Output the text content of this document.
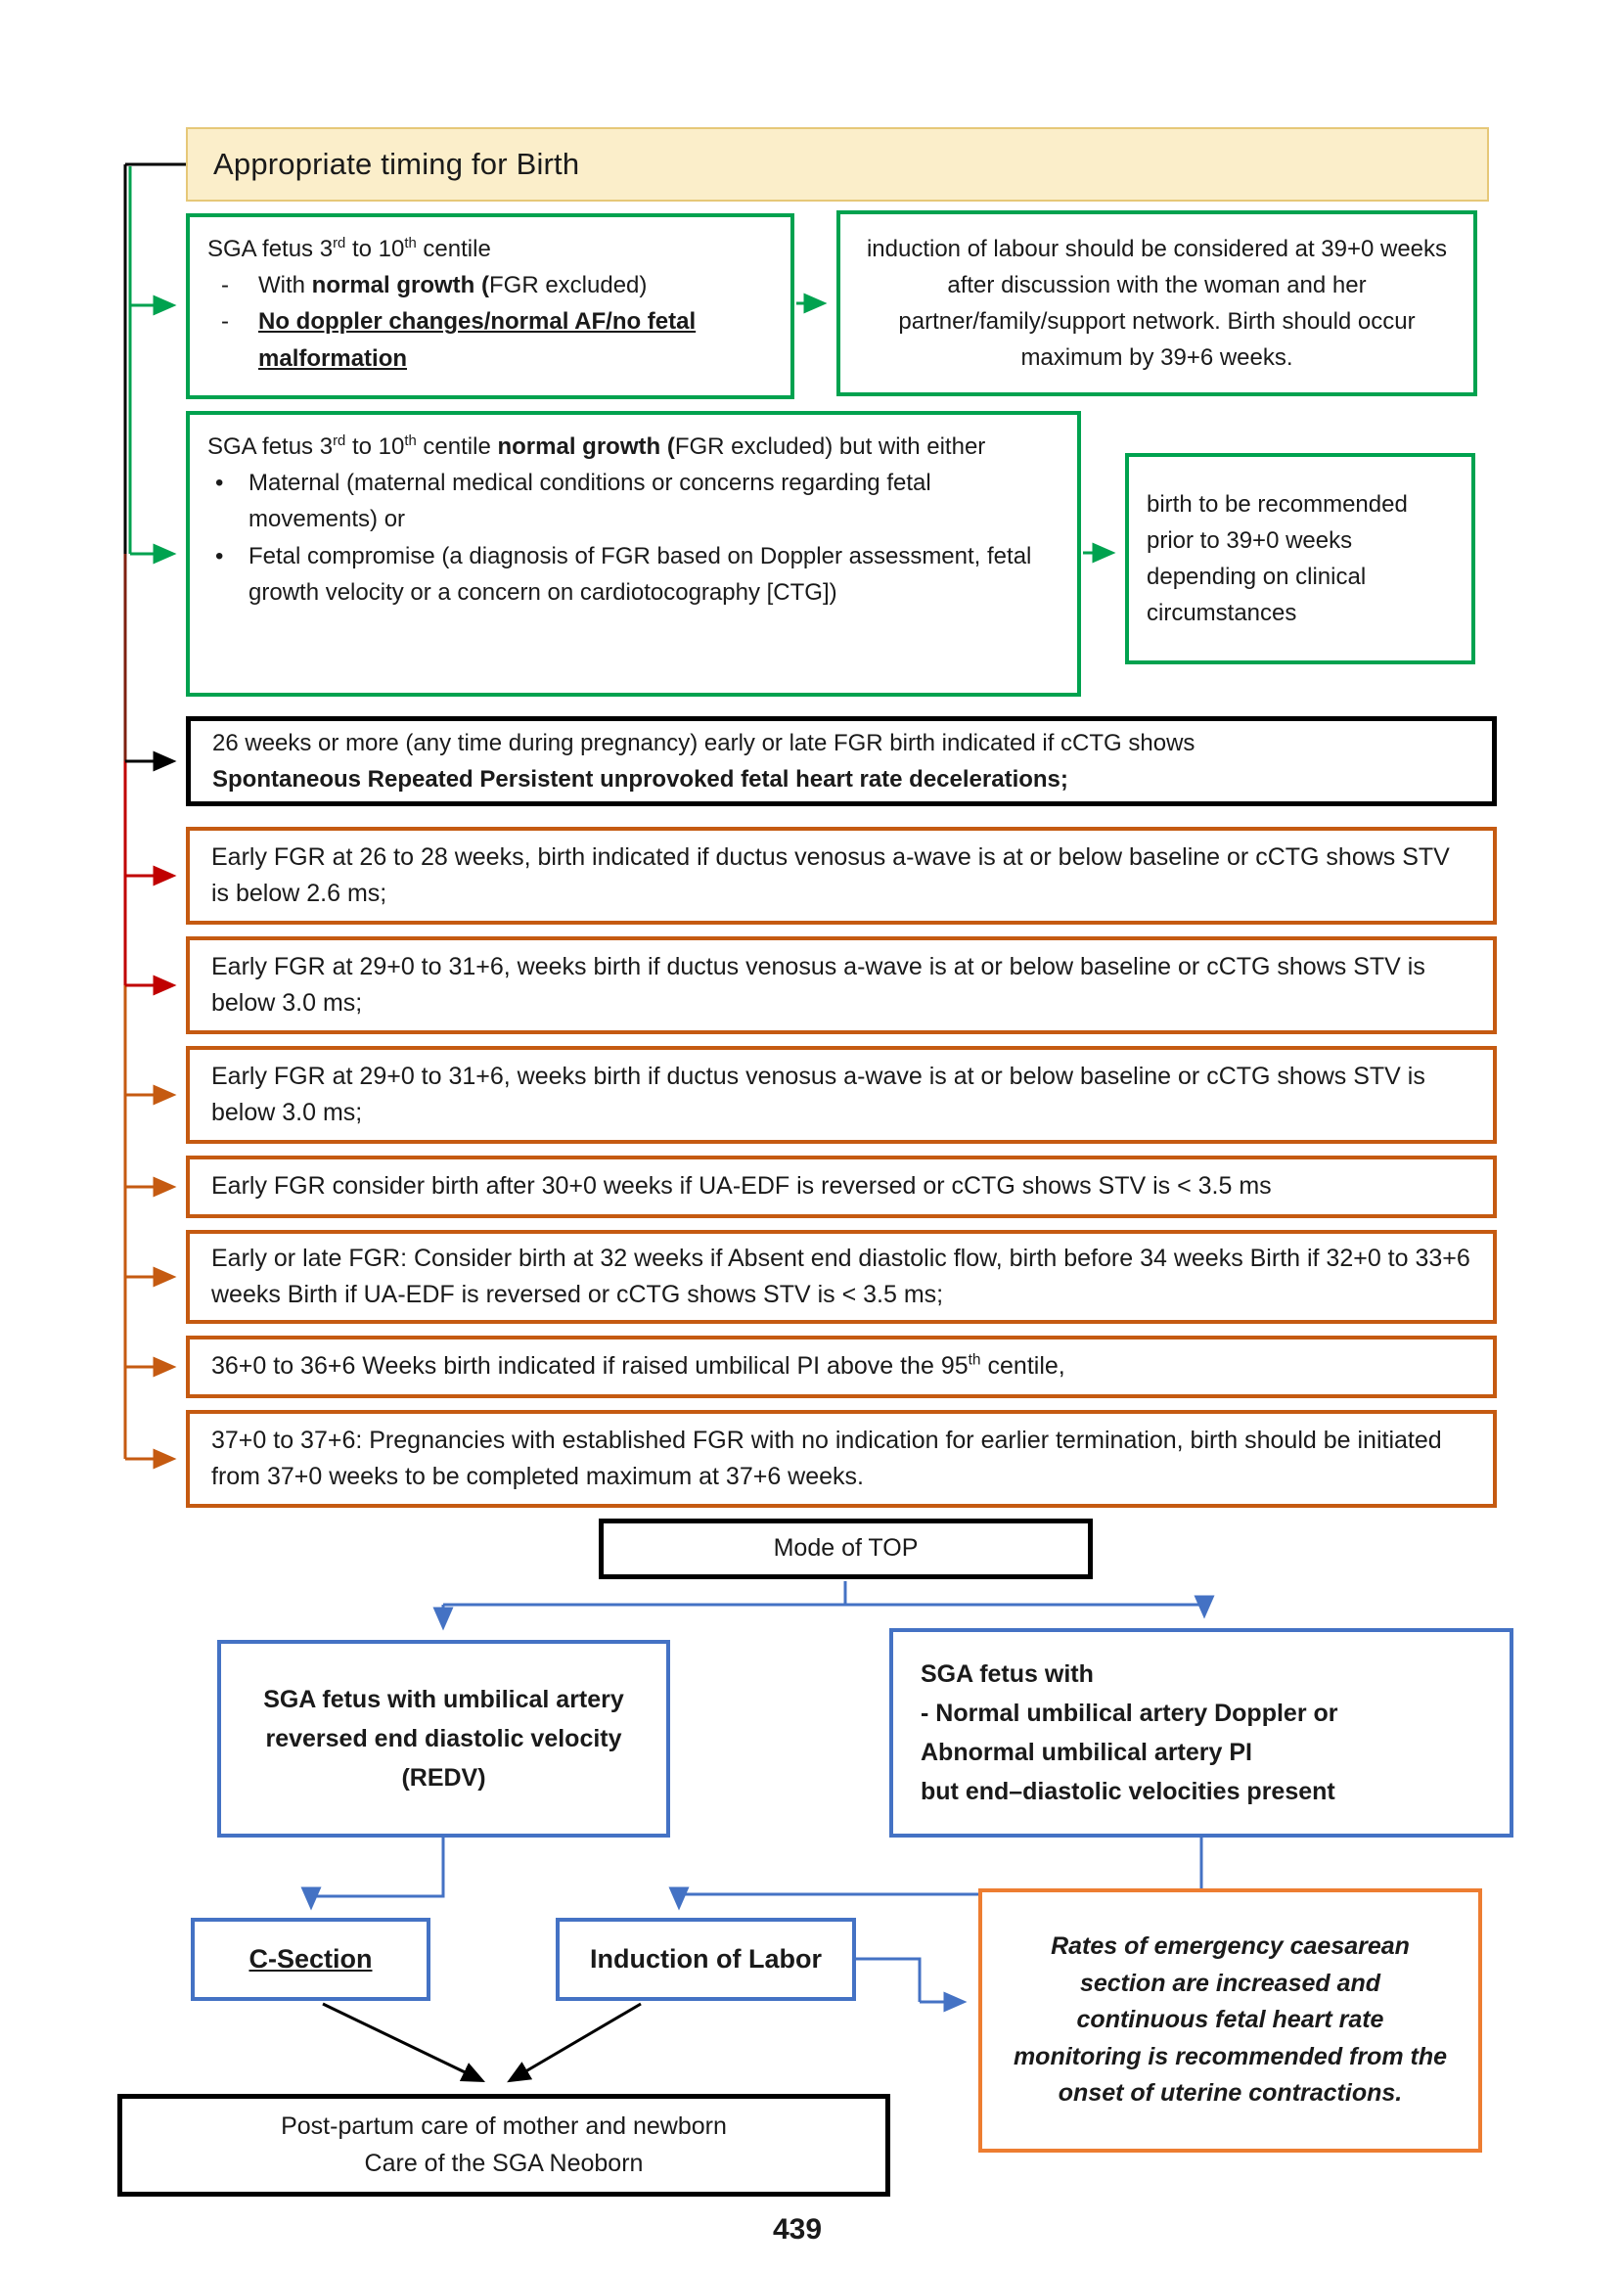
Appropriate timing for Birth
SGA fetus 3rd to 10th centile
-	With normal growth (FGR excluded)
-	No doppler changes/normal AF/no fetal malformation
induction of labour should be considered at 39+0 weeks after discussion with the woman and her partner/family/support network. Birth should occur maximum by 39+6 weeks.
SGA fetus 3rd to 10th centile normal growth (FGR excluded) but with either
•	Maternal (maternal medical conditions or concerns regarding fetal movements) or
•	Fetal compromise (a diagnosis of FGR based on Doppler assessment, fetal growth velocity or a concern on cardiotocography [CTG])
birth to be recommended prior to 39+0 weeks depending on clinical circumstances
26 weeks or more (any time during pregnancy) early or late FGR birth indicated if cCTG shows
Spontaneous Repeated Persistent unprovoked fetal heart rate decelerations;
Early FGR at 26 to 28 weeks, birth indicated if ductus venosus a-wave is at or below baseline or cCTG shows STV is below 2.6 ms;
Early FGR at 29+0 to 31+6, weeks birth if ductus venosus a-wave is at or below baseline or cCTG shows STV is below 3.0 ms;
Early FGR at 29+0 to 31+6, weeks birth if ductus venosus a-wave is at or below baseline or cCTG shows STV is below 3.0 ms;
Early FGR consider birth after 30+0 weeks if UA-EDF is reversed or cCTG shows STV is < 3.5 ms
Early or late FGR: Consider birth at 32 weeks if Absent end diastolic flow, birth before 34 weeks Birth if 32+0 to 33+6 weeks Birth if UA-EDF is reversed or cCTG shows STV is < 3.5 ms;
36+0 to 36+6 Weeks birth indicated if raised umbilical PI above the 95th centile,
37+0 to 37+6: Pregnancies with established FGR with no indication for earlier termination, birth should be initiated from 37+0 weeks to be completed maximum at 37+6 weeks.
Mode of TOP
SGA fetus with umbilical artery reversed end diastolic velocity (REDV)
SGA fetus with
- Normal umbilical artery Doppler or
Abnormal umbilical artery PI
but end–diastolic velocities present
C-Section	Induction of Labor	Rates of emergency caesarean section are increased and continuous fetal heart rate monitoring is recommended from the onset of uterine contractions.
Post-partum care of mother and newborn
Care of the SGA Neoborn
439
